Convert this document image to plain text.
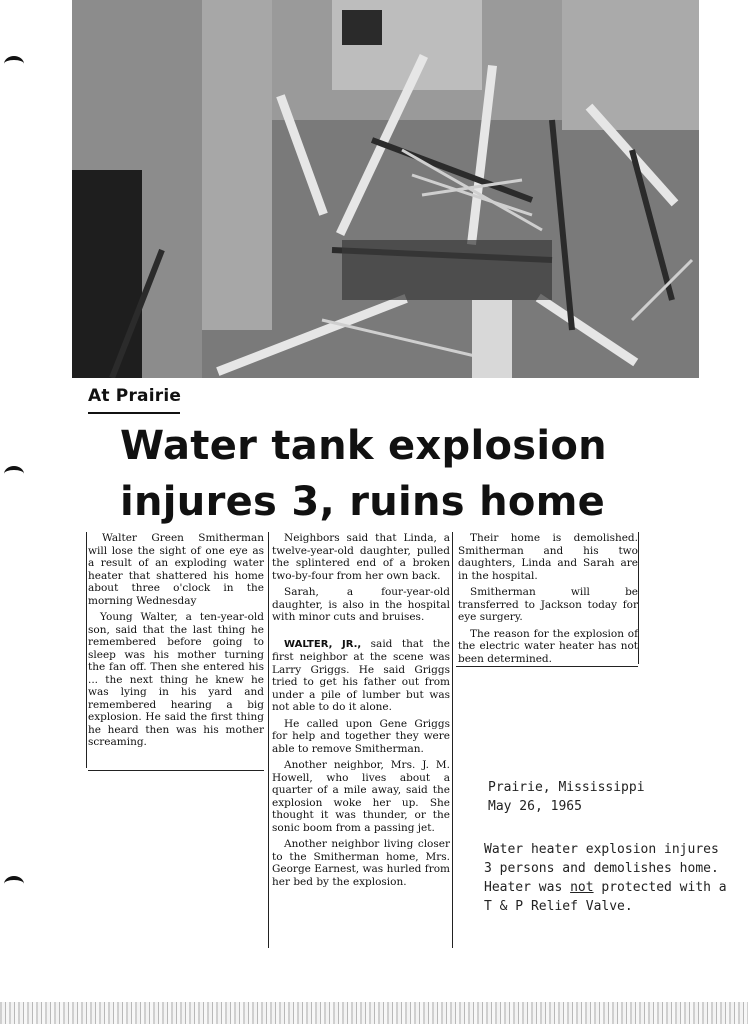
At Prairie
Water tank explosion
injures 3, ruins home

Walter Green Smitherman will lose the sight of one eye as a result of an exploding water heater that shattered his home about three o'clock in the morning Wednesday

Young Walter, a ten-year-old son, said that the last thing he remembered before going to sleep was his mother turning the fan off. Then she entered his ... the next thing he knew he was lying in his yard and remembered hearing a big explosion. He said the first thing he heard then was his mother screaming.

Neighbors said that Linda, a twelve-year-old daughter, pulled the splintered end of a broken two-by-four from her own back.

Sarah, a four-year-old daughter, is also in the hospital with minor cuts and bruises.

WALTER, JR., said that the first neighbor at the scene was Larry Griggs. He said Griggs tried to get his father out from under a pile of lumber but was not able to do it alone.

He called upon Gene Griggs for help and together they were able to remove Smitherman.

Another neighbor, Mrs. J. M. Howell, who lives about a quarter of a mile away, said the explosion woke her up. She thought it was thunder, or the sonic boom from a passing jet.

Another neighbor living closer to the Smitherman home, Mrs. George Earnest, was hurled from her bed by the explosion.

Their home is demolished. Smitherman and his two daughters, Linda and Sarah are in the hospital.

Smitherman will be transferred to Jackson today for eye surgery.

The reason for the explosion of the electric water heater has not been determined.

Prairie, Mississippi

May 26, 1965

Water heater explosion injures

3 persons and demolishes home.

Heater was not protected with a

T & P Relief Valve.
